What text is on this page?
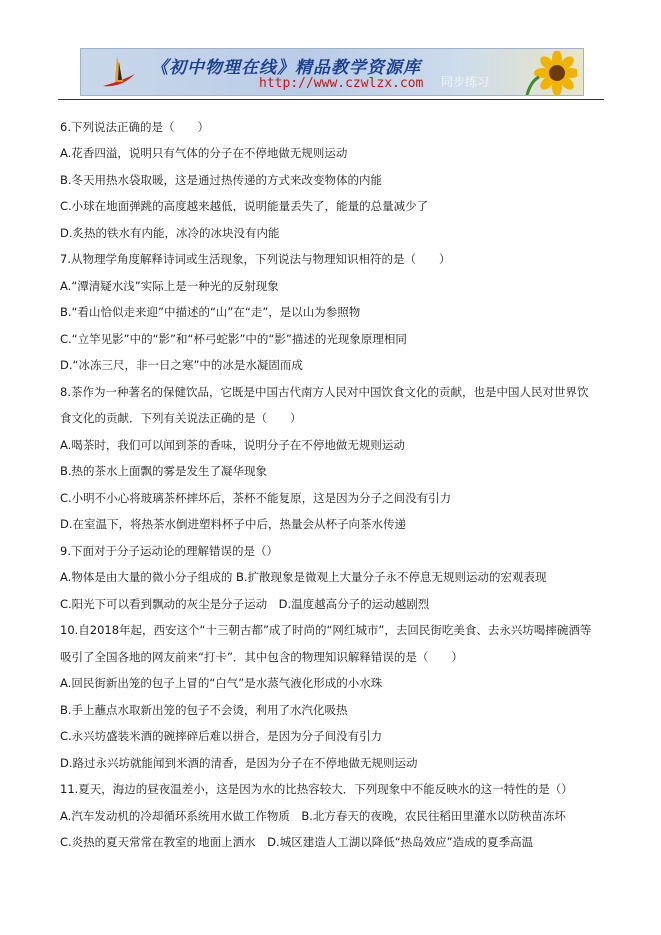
《初中物理在线》精品教学资源库
http://www.czwlzx.com 同步练习
6.下列说法正确的是（　　）
A.花香四溢，说明只有气体的分子在不停地做无规则运动
B.冬天用热水袋取暖，这是通过热传递的方式来改变物体的内能
C.小球在地面弹跳的高度越来越低，说明能量丢失了，能量的总量减少了
D.炙热的铁水有内能，冰冷的冰块没有内能
7.从物理学角度解释诗词或生活现象，下列说法与物理知识相符的是（　　）
A.“潭清疑水浅”实际上是一种光的反射现象
B.“看山恰似走来迎”中描述的“山”在“走”，是以山为参照物
C.“立竿见影”中的“影”和“杯弓蛇影”中的“影”描述的光现象原理相同
D.“冰冻三尺，非一日之寒”中的冰是水凝固而成
8.茶作为一种著名的保健饮品，它既是中国古代南方人民对中国饮食文化的贡献，也是中国人民对世界饮
食文化的贡献．下列有关说法正确的是（　　）
A.喝茶时，我们可以闻到茶的香味，说明分子在不停地做无规则运动
B.热的茶水上面飘的雾是发生了凝华现象
C.小明不小心将玻璃茶杯摔坏后，茶杯不能复原，这是因为分子之间没有引力
D.在室温下，将热茶水倒进塑料杯子中后，热量会从杯子向茶水传递
9.下面对于分子运动论的理解错误的是（）
A.物体是由大量的微小分子组成的 B.扩散现象是微观上大量分子永不停息无规则运动的宏观表现
C.阳光下可以看到飘动的灰尘是分子运动　D.温度越高分子的运动越剧烈
10.自2018年起，西安这个“十三朝古都”成了时尚的“网红城市”，去回民街吃美食、去永兴坊喝摔碗酒等
吸引了全国各地的网友前来“打卡”．其中包含的物理知识解释错误的是（　　）
A.回民街新出笼的包子上冒的“白气”是水蒸气液化形成的小水珠
B.手上蘸点水取新出笼的包子不会烫，利用了水汽化吸热
C.永兴坊盛装米酒的碗摔碎后难以拼合，是因为分子间没有引力
D.路过永兴坊就能闻到米酒的清香，是因为分子在不停地做无规则运动
11.夏天，海边的昼夜温差小，这是因为水的比热容较大．下列现象中不能反映水的这一特性的是（）
A.汽车发动机的冷却循环系统用水做工作物质　B.北方春天的夜晚，农民往稻田里灌水以防秧苗冻坏
C.炎热的夏天常常在教室的地面上洒水　D.城区建造人工湖以降低“热岛效应”造成的夏季高温
